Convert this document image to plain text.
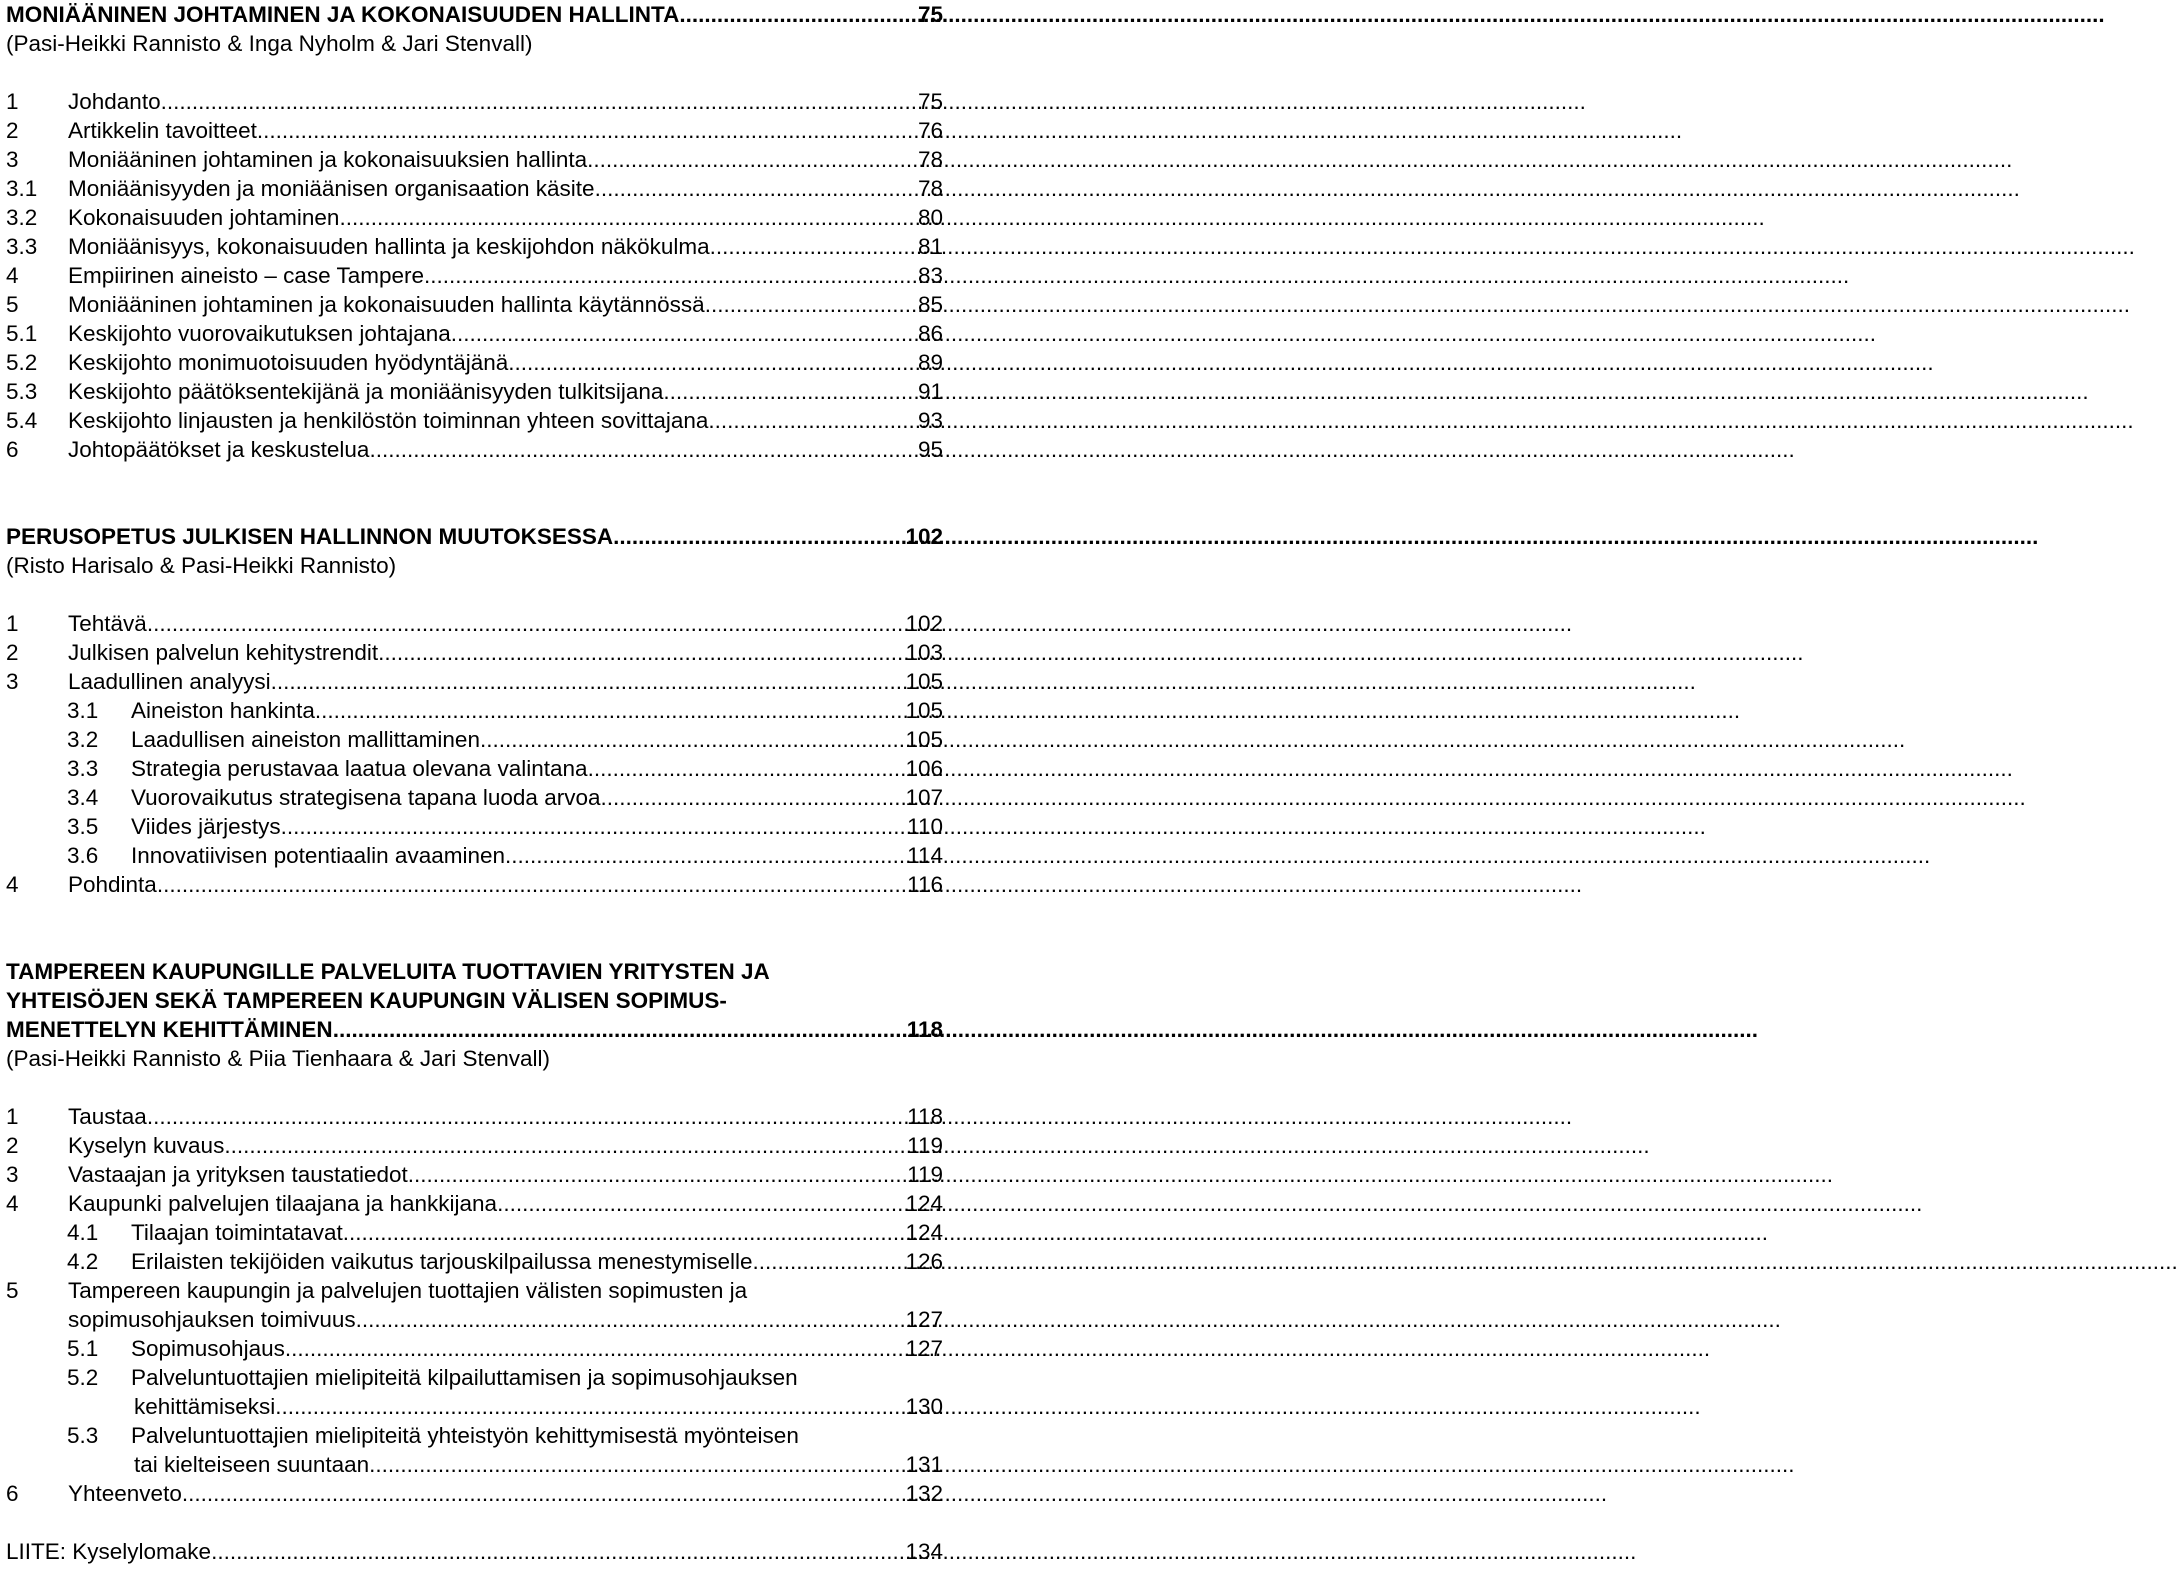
MONIÄÄNINEN JOHTAMINEN JA KOKONAISUUDEN HALLINTA .....	75
(Pasi-Heikki Rannisto & Inga Nyholm & Jari Stenvall)
1	Johdanto .....	75
2	Artikkelin tavoitteet .....	76
3	Moniääninen johtaminen ja kokonaisuuksien hallinta .....	78
3.1	Moniäänisyyden ja moniäänisen organisaation käsite .....	78
3.2	Kokonaisuuden johtaminen .....	80
3.3	Moniäänisyys, kokonaisuuden hallinta ja keskijohdon näkökulma .....	81
4	Empiirinen aineisto – case Tampere .....	83
5	Moniääninen johtaminen ja kokonaisuuden hallinta käytännössä .....	85
5.1	Keskijohto vuorovaikutuksen johtajana .....	86
5.2	Keskijohto monimuotoisuuden hyödyntäjänä .....	89
5.3	Keskijohto päätöksentekijänä ja moniäänisyyden tulkitsijana .....	91
5.4	Keskijohto linjausten ja henkilöstön toiminnan yhteen sovittajana .....	93
6	Johtopäätökset ja keskustelua .....	95
PERUSOPETUS JULKISEN HALLINNON MUUTOKSESSA .....	102
(Risto Harisalo & Pasi-Heikki Rannisto)
1	Tehtävä .....	102
2	Julkisen palvelun kehitystrendit .....	103
3	Laadullinen analyysi .....	105
3.1	Aineiston hankinta .....	105
3.2	Laadullisen aineiston mallittaminen .....	105
3.3	Strategia perustavaa laatua olevana valintana .....	106
3.4	Vuorovaikutus strategisena tapana luoda arvoa .....	107
3.5	Viides järjestys .....	110
3.6	Innovatiivisen potentiaalin avaaminen .....	114
4	Pohdinta .....	116
TAMPEREEN KAUPUNGILLE PALVELUITA TUOTTAVIEN YRITYSTEN JA
YHTEISÖJEN SEKÄ TAMPEREEN KAUPUNGIN VÄLISEN SOPIMUS-
MENETTELYN KEHITTÄMINEN .....	118
(Pasi-Heikki Rannisto & Piia Tienhaara & Jari Stenvall)
1	Taustaa .....	118
2	Kyselyn kuvaus .....	119
3	Vastaajan ja yrityksen taustatiedot .....	119
4	Kaupunki palvelujen tilaajana ja hankkijana .....	124
4.1	Tilaajan toimintatavat .....	124
4.2	Erilaisten tekijöiden vaikutus tarjouskilpailussa menestymiselle .....	126
5	Tampereen kaupungin ja palvelujen tuottajien välisten sopimusten ja
sopimusohjauksen toimivuus .....	127
5.1	Sopimusohjaus .....	127
5.2	Palveluntuottajien mielipiteitä kilpailuttamisen ja sopimusohjauksen
kehittämiseksi .....	130
5.3	Palveluntuottajien mielipiteitä yhteistyön kehittymisestä myönteisen
tai kielteiseen suuntaan .....	131
6	Yhteenveto .....	132
LIITE: Kyselylomake .....	134
